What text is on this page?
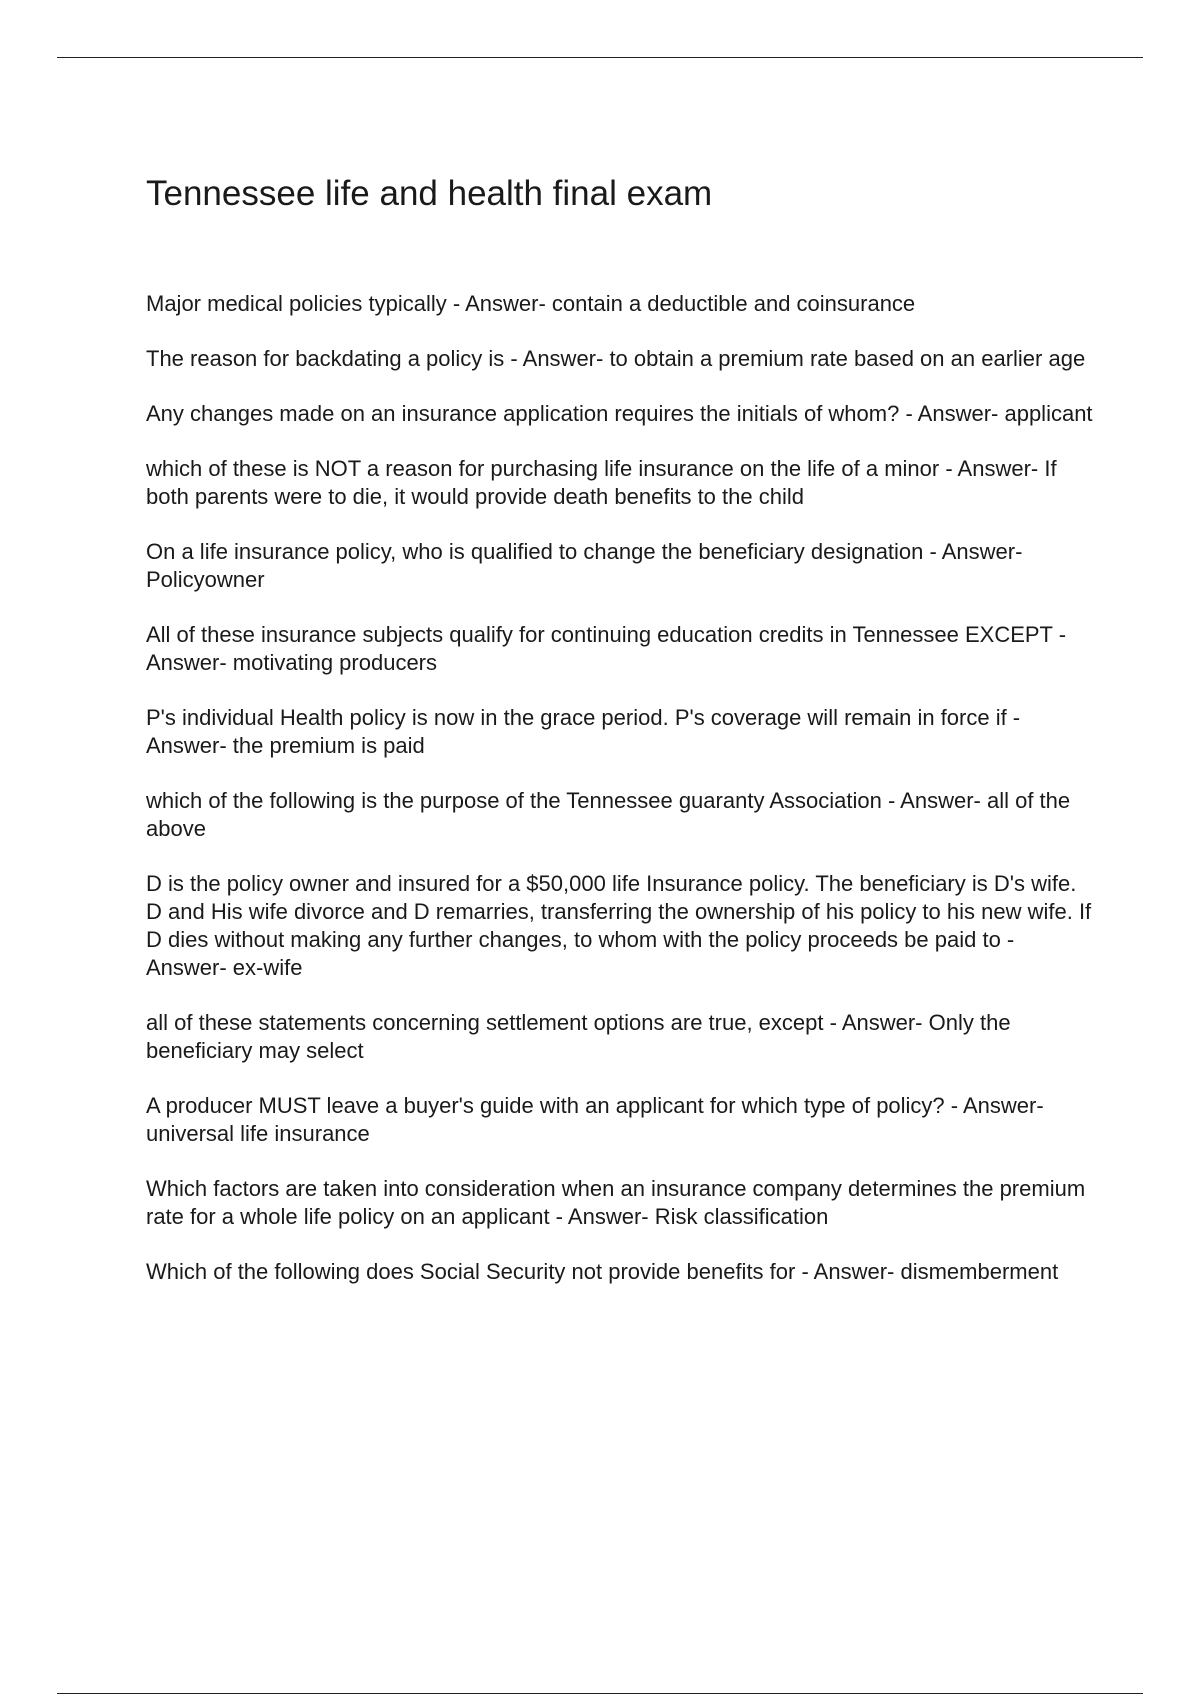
Tennessee life and health final exam

Major medical policies typically - Answer- contain a deductible and coinsurance

The reason for backdating a policy is - Answer- to obtain a premium rate based on an earlier age

Any changes made on an insurance application requires the initials of whom? - Answer- applicant

which of these is NOT a reason for purchasing life insurance on the life of a minor - Answer- If both parents were to die, it would provide death benefits to the child

On a life insurance policy, who is qualified to change the beneficiary designation - Answer- Policyowner

All of these insurance subjects qualify for continuing education credits in Tennessee EXCEPT - Answer- motivating producers

P's individual Health policy is now in the grace period. P's coverage will remain in force if - Answer- the premium is paid

which of the following is the purpose of the Tennessee guaranty Association - Answer- all of the above

D is the policy owner and insured for a $50,000 life Insurance policy. The beneficiary is D's wife. D and His wife divorce and D remarries, transferring the ownership of his policy to his new wife. If D dies without making any further changes, to whom with the policy proceeds be paid to - Answer- ex-wife

all of these statements concerning settlement options are true, except - Answer- Only the beneficiary may select

A producer MUST leave a buyer's guide with an applicant for which type of policy? - Answer- universal life insurance

Which factors are taken into consideration when an insurance company determines the premium rate for a whole life policy on an applicant - Answer- Risk classification

Which of the following does Social Security not provide benefits for - Answer- dismemberment
